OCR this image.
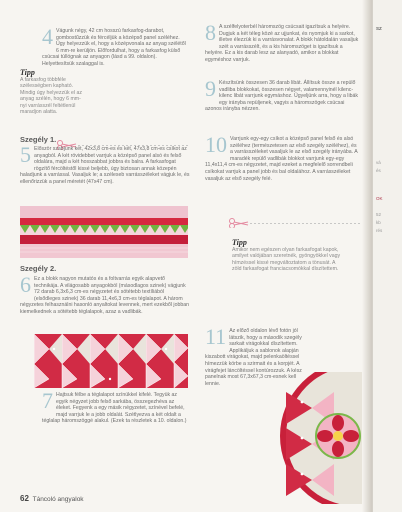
4 Vágunk négy, 42 cm hosszú farkasfog-darabot, gombostűzzük és fércéljük a középső panel széléhez. Úgy helyezzük el, hogy a középvonala az anyag szélétől 6 mm-re kerüljön. Előfordulhat, hogy a farkasfog külső csúcsai túllógnak az anyagon (lásd a 99. oldalon). Helyettesítsük szalaggal is.
Tipp
A farkasfog többféle szélességben kapható. Mindig úgy helyezzük el az anyag szélén, hogy 6 mm-nyi varrásszél feltétlenül maradjon alatta.
Szegély 1.
5 Először szabjunk két, 42x3,8 cm-es és két, 47x3,8 cm-es csíkot az anyagból. A két rövidebbet varrjuk a középső panel alsó és felső oldalára, majd a két hosszabbat jobbra és balra. A farkasfogat rögzítő fércöltéstől kissé beljebb, úgy biztosan annak közepén haladjunk a varrással. Vasaljuk le; a széleseb varrásszéleket vágjuk le, és ellenőrizzük a panel méretét (47x47 cm).
Szegély 2.
6 Ez a blokk nagyon mutatós és a foltvarrás egyik alapvető technikája. A világosabb anyagokból (másodlagos szinek) vágjunk 72 darab 6,3x6,3 cm-es négyzetet és sötétebb textíliából (elsődleges szinek) 36 darab 11,4x6,3 cm-es téglalapot. A három négyzetes felhasználni hasonló anyaltokat levennek, mert ezekből jobban kiemelkednek a sötétebb téglalapok, azaz a vadlibák.
7 Hajtsuk félbe a téglalapot színükkel kifelé. Tegyük az egyik négyzet jobb felső sarkába, összegezhéva az éleket. Fegyenk a egy másik négyzetet, színével befelé, majd varrjuk le a jobb oldalát. Szétlyezva a két oldalt a téglalap háromszöggé alakul. (Ezek ta részletek a 10. oldalon.)
8 A szélfelyoterbél háromszög csúcsait igazítsuk a helyére. Dugjuk a két téleg közé az ujjunkat, és nyomjuk ki a sarkot, illetve élezzük ki a varrásvonalat. A blokk hátoldalán vasaljuk szét a varrásszélt, és a kis háromszöget is igazítsuk a helyére. Ez a kis darab lesz az alanyadó, amikor a blokkat egyméshoz varrjuk.
9 Készítsünk összesen 36 darab libát. Állítsuk össze a repülő vadliba blokkokat, összesen négyet, valamennyinél kilenc-kilenc libát varrjunk egymáshoz. Ügyeljünk arra, hogy a libák egy irányba repüljenek, vagyis a háromszögek csúcsai azonos irányba nézzen.
10 Varrjunk egy-egy csíkot a középső panel felső és alsó széléhez (természetesen az első szegély széléhez), és a varrásszéleket vasaljuk le az első szegély irányába. A maradék repülő vadlibák blokkot varrjunk egy-egy 11,4x11,4 cm-es négyzetet, majd ezeket a megfelelő sorrendbeli csíkokat varrjuk a panel jobb és bal oldalához. A varrásszéleket vasaljuk az első szegély felé.
Tipp
Amikor nem egészen olyan farkasfogat kapok, amilyet valójában szeretnék, gyöngyökkel vagy hímzéssel kissé megváltoztatom a tönusát. A zöld farkasfogat franciacsomókkal díszítettem.
11 Az előző oldalon lévő fotón jól látszik, hogy a második szegély sarkait virágokkal díszítettem. Applikáljuk a sablonok alapján kiszabott virágokat, majd pelenkaöltéssel hímezzük körbe a szirmait és a korpjét. A virágfejet láncöltéssel kontúrozzuk. A kész panelnak most 67,3x67,3 cm-esnek kell lennie.
62 Táncoló angyalok
SZ
vá
és
OK
52
kb
rés
